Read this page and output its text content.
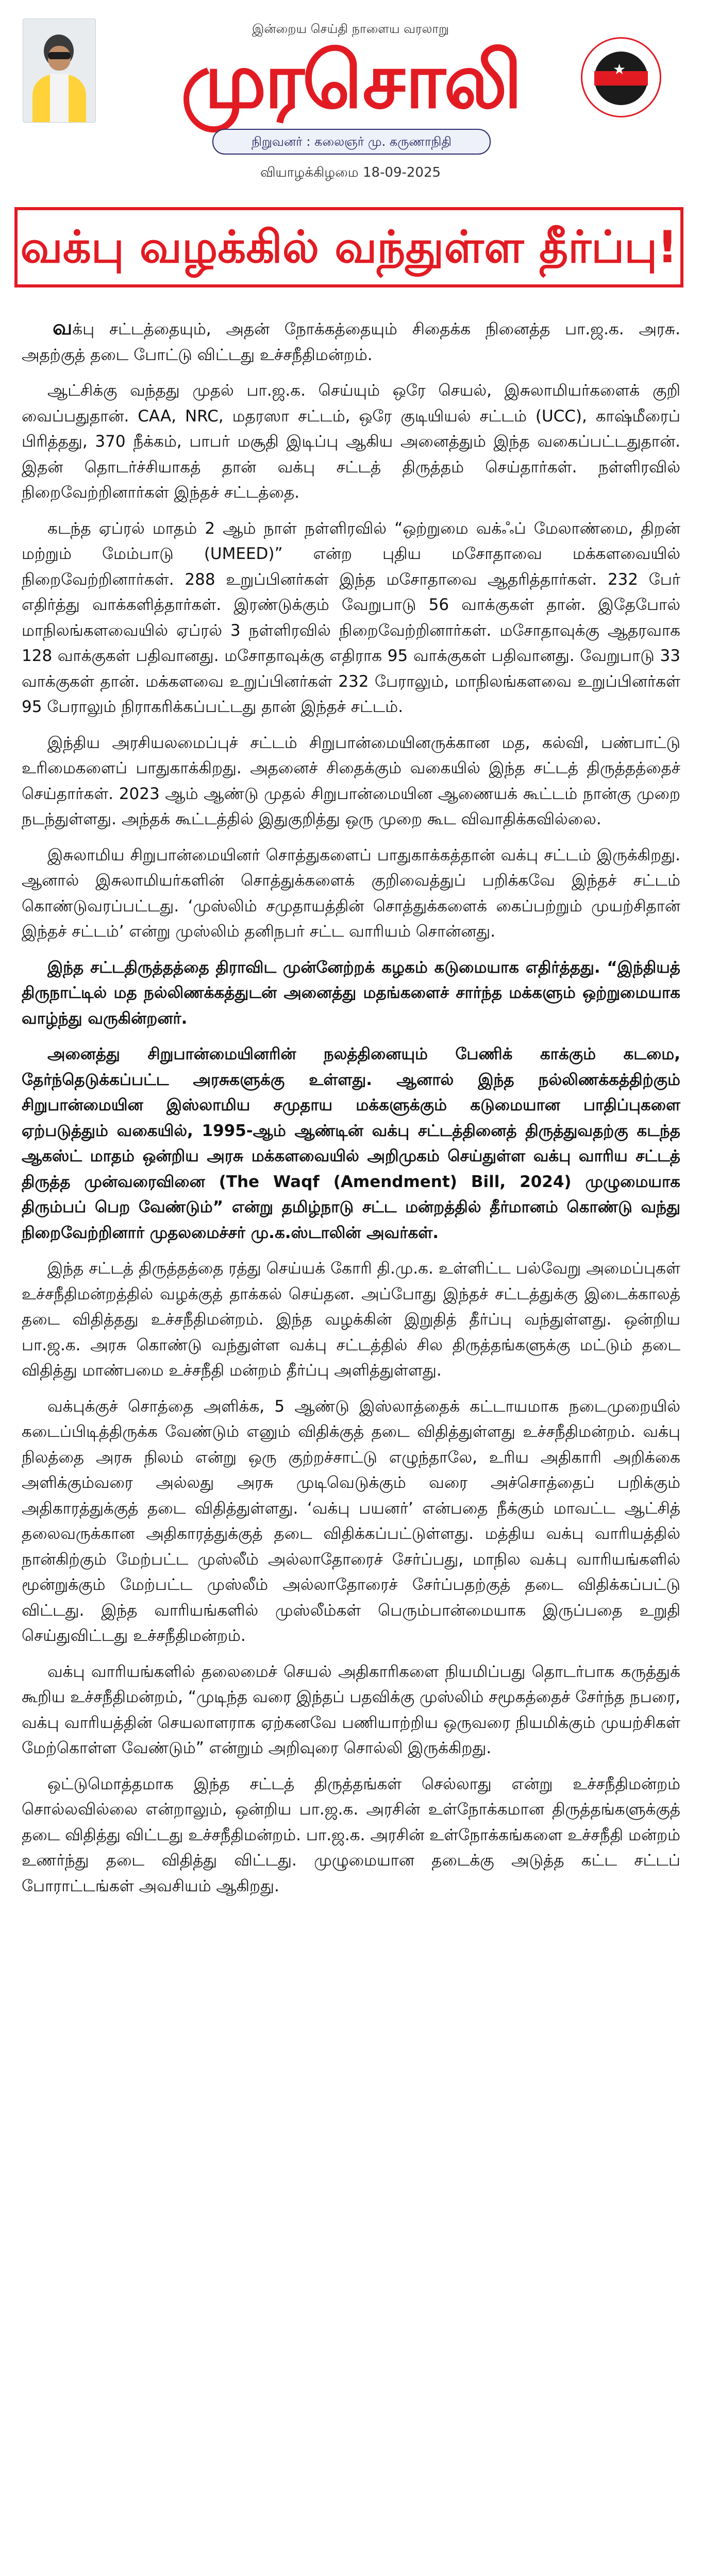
இன்றைய செய்தி நாளைய வரலாறு
முரசொலி	★
நிறுவனர் : கலைஞர் மு. கருணாநிதி
வியாழக்கிழமை 18-09-2025
வக்பு வழக்கில் வந்துள்ள தீர்ப்பு!

வக்பு சட்டத்தையும், அதன் நோக்கத்தையும் சிதைக்க நினைத்த பா.ஜ.க. அரசு. அதற்குத் தடை போட்டு விட்டது உச்சநீதிமன்றம்.

ஆட்சிக்கு வந்தது முதல் பா.ஜ.க. செய்யும் ஒரே செயல், இசுலாமியர்களைக் குறி வைப்பதுதான். CAA, NRC, மதரஸா சட்டம், ஒரே குடியியல் சட்டம் (UCC), காஷ்மீரைப் பிரித்தது, 370 நீக்கம், பாபர் மசூதி இடிப்பு ஆகிய அனைத்தும் இந்த வகைப்பட்டதுதான். இதன் தொடர்ச்சியாகத் தான் வக்பு சட்டத் திருத்தம் செய்தார்கள். நள்ளிரவில் நிறைவேற்றினார்கள் இந்தச் சட்டத்தை.

கடந்த ஏப்ரல் மாதம் 2 ஆம் நாள் நள்ளிரவில் “ஒற்றுமை வக்ஃப் மேலாண்மை, திறன் மற்றும் மேம்பாடு (UMEED)” என்ற புதிய மசோதாவை மக்களவையில் நிறைவேற்றினார்கள். 288 உறுப்பினர்கள் இந்த மசோதாவை ஆதரித்தார்கள். 232 பேர் எதிர்த்து வாக்களித்தார்கள். இரண்டுக்கும் வேறுபாடு 56 வாக்குகள் தான். இதேபோல் மாநிலங்களவையில் ஏப்ரல் 3 நள்ளிரவில் நிறைவேற்றினார்கள். மசோதாவுக்கு ஆதரவாக 128 வாக்குகள் பதிவானது. மசோதாவுக்கு எதிராக 95 வாக்குகள் பதிவானது. வேறுபாடு 33 வாக்குகள் தான். மக்களவை உறுப்பினர்கள் 232 பேராலும், மாநிலங்களவை உறுப்பினர்கள் 95 பேராலும் நிராகரிக்கப்பட்டது தான் இந்தச் சட்டம்.

இந்திய அரசியலமைப்புச் சட்டம் சிறுபான்மையினருக்கான மத, கல்வி, பண்பாட்டு உரிமைகளைப் பாதுகாக்கிறது. அதனைச் சிதைக்கும் வகையில் இந்த சட்டத் திருத்தத்தைச் செய்தார்கள். 2023 ஆம் ஆண்டு முதல் சிறுபான்மையின ஆணையக் கூட்டம் நான்கு முறை நடந்துள்ளது. அந்தக் கூட்டத்தில் இதுகுறித்து ஒரு முறை கூட விவாதிக்கவில்லை.

இசுலாமிய சிறுபான்மையினர் சொத்துகளைப் பாதுகாக்கத்தான் வக்பு சட்டம் இருக்கிறது. ஆனால் இசுலாமியர்களின் சொத்துக்களைக் குறிவைத்துப் பறிக்கவே இந்தச் சட்டம் கொண்டுவரப்பட்டது. ‘முஸ்லிம் சமுதாயத்தின் சொத்துக்களைக் கைப்பற்றும் முயற்சிதான் இந்தச் சட்டம்’ என்று முஸ்லிம் தனிநபர் சட்ட வாரியம் சொன்னது.

இந்த சட்டதிருத்தத்தை திராவிட முன்னேற்றக் கழகம் கடுமையாக எதிர்த்தது. “இந்தியத் திருநாட்டில் மத நல்லிணக்கத்துடன் அனைத்து மதங்களைச் சார்ந்த மக்களும் ஒற்றுமையாக வாழ்ந்து வருகின்றனர்.

அனைத்து சிறுபான்மையினரின் நலத்தினையும் பேணிக் காக்கும் கடமை, தேர்ந்தெடுக்கப்பட்ட அரசுகளுக்கு உள்ளது. ஆனால் இந்த நல்லிணக்கத்திற்கும் சிறுபான்மையின இஸ்லாமிய சமுதாய மக்களுக்கும் கடுமையான பாதிப்புகளை ஏற்படுத்தும் வகையில், 1995-ஆம் ஆண்டின் வக்பு சட்டத்தினைத் திருத்துவதற்கு கடந்த ஆகஸ்ட் மாதம் ஒன்றிய அரசு மக்களவையில் அறிமுகம் செய்துள்ள வக்பு வாரிய சட்டத் திருத்த முன்வரைவினை (The Waqf (Amendment) Bill, 2024) முழுமையாக திரும்பப் பெற வேண்டும்” என்று தமிழ்நாடு சட்ட மன்றத்தில் தீர்மானம் கொண்டு வந்து நிறைவேற்றினார் முதலமைச்சர் மு.க.ஸ்டாலின் அவர்கள்.

இந்த சட்டத் திருத்தத்தை ரத்து செய்யக் கோரி தி.மு.க. உள்ளிட்ட பல்வேறு அமைப்புகள் உச்சநீதிமன்றத்தில் வழக்குத் தாக்கல் செய்தன. அப்போது இந்தச் சட்டத்துக்கு இடைக்காலத் தடை விதித்தது உச்சநீதிமன்றம். இந்த வழக்கின் இறுதித் தீர்ப்பு வந்துள்ளது. ஒன்றிய பா.ஜ.க. அரசு கொண்டு வந்துள்ள வக்பு சட்டத்தில் சில திருத்தங்களுக்கு மட்டும் தடை விதித்து மாண்பமை உச்சநீதி மன்றம் தீர்ப்பு அளித்துள்ளது.

வக்புக்குச் சொத்தை அளிக்க, 5 ஆண்டு இஸ்லாத்தைக் கட்டாயமாக நடைமுறையில் கடைப்பிடித்திருக்க வேண்டும் எனும் விதிக்குத் தடை விதித்துள்ளது உச்சநீதிமன்றம். வக்பு நிலத்தை அரசு நிலம் என்று ஒரு குற்றச்சாட்டு எழுந்தாலே, உரிய அதிகாரி அறிக்கை அளிக்கும்வரை அல்லது அரசு முடிவெடுக்கும் வரை அச்சொத்தைப் பறிக்கும் அதிகாரத்துக்குத் தடை விதித்துள்ளது. ‘வக்பு பயனர்’ என்பதை நீக்கும் மாவட்ட ஆட்சித் தலைவருக்கான அதிகாரத்துக்குத் தடை விதிக்கப்பட்டுள்ளது. மத்திய வக்பு வாரியத்தில் நான்கிற்கும் மேற்பட்ட முஸ்லீம் அல்லாதோரைச் சேர்ப்பது, மாநில வக்பு வாரியங்களில் மூன்றுக்கும் மேற்பட்ட முஸ்லீம் அல்லாதோரைச் சேர்ப்பதற்குத் தடை விதிக்கப்பட்டு விட்டது. இந்த வாரியங்களில் முஸ்லீம்கள் பெரும்பான்மையாக இருப்பதை உறுதி செய்துவிட்டது உச்சநீதிமன்றம்.

வக்பு வாரியங்களில் தலைமைச் செயல் அதிகாரிகளை நியமிப்பது தொடர்பாக கருத்துக் கூறிய உச்சநீதிமன்றம், “முடிந்த வரை இந்தப் பதவிக்கு முஸ்லிம் சமூகத்தைச் சேர்ந்த நபரை, வக்பு வாரியத்தின் செயலாளராக ஏற்கனவே பணியாற்றிய ஒருவரை நியமிக்கும் முயற்சிகள் மேற்கொள்ள வேண்டும்” என்றும் அறிவுரை சொல்லி இருக்கிறது.

ஒட்டுமொத்தமாக இந்த சட்டத் திருத்தங்கள் செல்லாது என்று உச்சநீதிமன்றம் சொல்லவில்லை என்றாலும், ஒன்றிய பா.ஜ.க. அரசின் உள்நோக்கமான திருத்தங்களுக்குத் தடை விதித்து விட்டது உச்சநீதிமன்றம். பா.ஜ.க. அரசின் உள்நோக்கங்களை உச்சநீதி மன்றம் உணர்ந்து தடை விதித்து விட்டது. முழுமையான தடைக்கு அடுத்த கட்ட சட்டப் போராட்டங்கள் அவசியம் ஆகிறது.
